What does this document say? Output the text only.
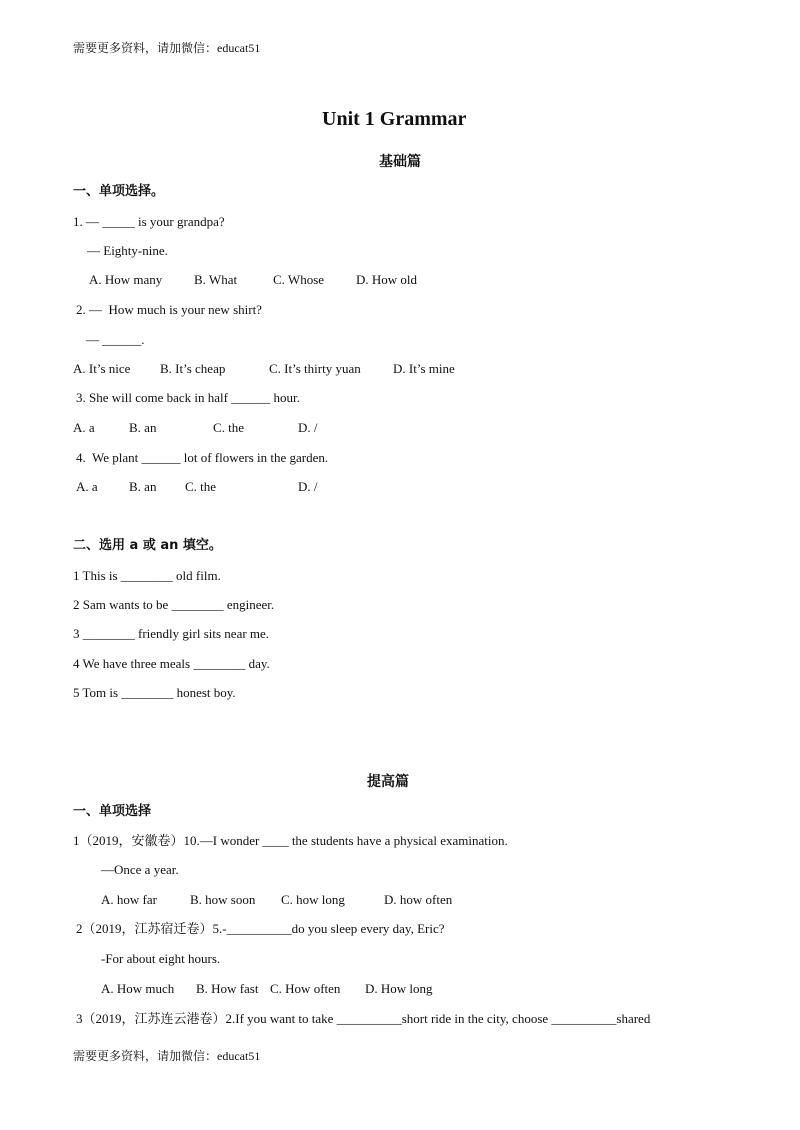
需要更多资料，请加微信：educat51
Unit 1 Grammar
基础篇
一、单项选择。
1. — _____ is your grandpa?
— Eighty-nine.
A. How many B. What	C. Whose D. How old
2. —  How much is your new shirt?
— ______.
A. It’s nice B. It’s cheap	C. It’s thirty yuan D. It’s mine
3. She will come back in half ______ hour.
A. a	B. an	C. the	D. /
4.  We plant ______ lot of flowers in the garden.
A. a B. an C. the	D. /
二、选用 a 或 an 填空。
1 This is ________ old film.
2 Sam wants to be ________ engineer.
3 ________ friendly girl sits near me.
4 We have three meals ________ day.
5 Tom is ________ honest boy.
提高篇
一、单项选择
1（2019，安徽卷）10.—I wonder ____ the students have a physical examination.
—Once a year.
A. how far	B. how soon C. how long	D. how often
2（2019，江苏宿迁卷）5.-__________do you sleep every day, Eric?
-For about eight hours.
A. How much B. How fast C. How often D. How long
3（2019，江苏连云港卷）2.If you want to take __________short ride in the city, choose __________shared
需要更多资料，请加微信：educat51
